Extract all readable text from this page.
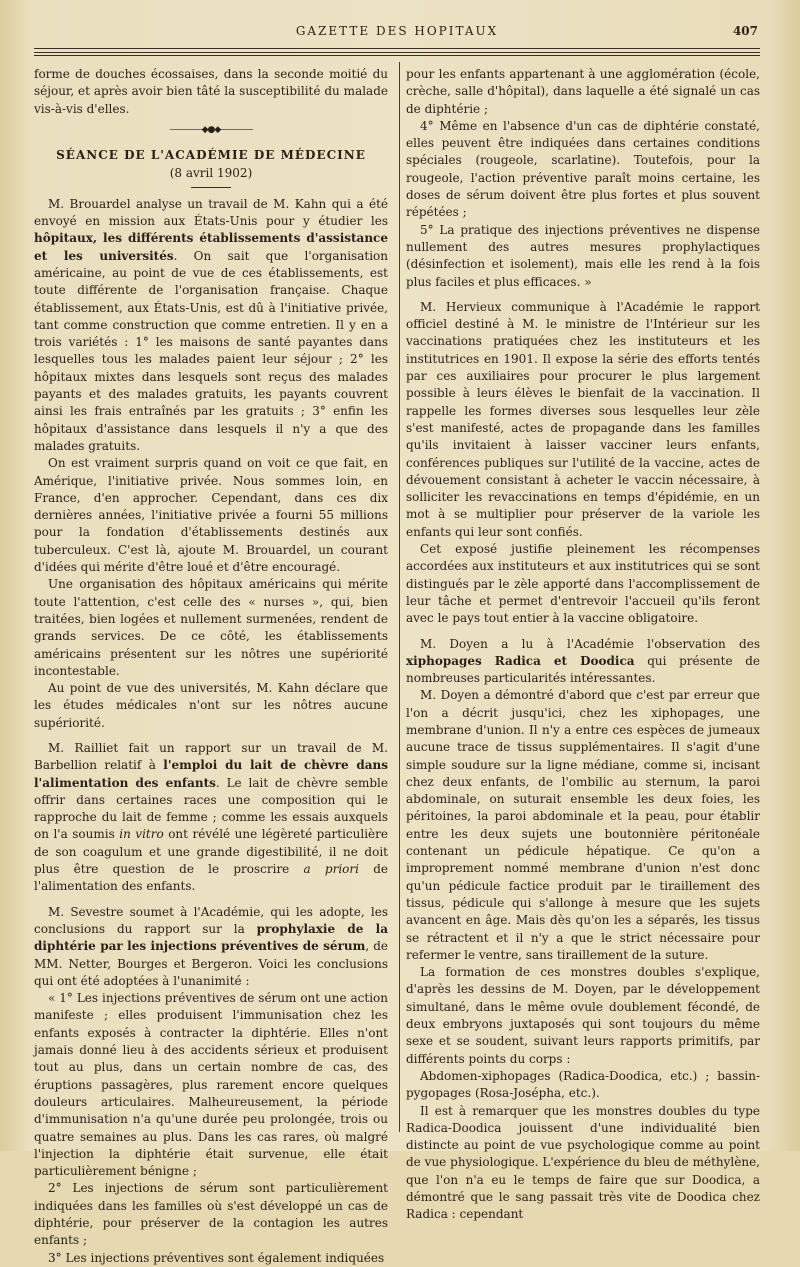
GAZETTE DES HOPITAUX	407

forme de douches écossaises, dans la seconde moitié du séjour, et après avoir bien tâté la susceptibilité du malade vis-à-vis d'elles.

————◆●◆————
SÉANCE DE L'ACADÉMIE DE MÉDECINE
(8 avril 1902)

M. Brouardel analyse un travail de M. Kahn qui a été envoyé en mission aux États-Unis pour y étudier les hôpitaux, les différents établissements d'assistance et les universités. On sait que l'organisation américaine, au point de vue de ces établissements, est toute différente de l'organisation française. Chaque établissement, aux États-Unis, est dû à l'initiative privée, tant comme construction que comme entretien. Il y en a trois variétés : 1° les maisons de santé payantes dans lesquelles tous les malades paient leur séjour ; 2° les hôpitaux mixtes dans lesquels sont reçus des malades payants et des malades gratuits, les payants couvrent ainsi les frais entraînés par les gratuits ; 3° enfin les hôpitaux d'assistance dans lesquels il n'y a que des malades gratuits.

On est vraiment surpris quand on voit ce que fait, en Amérique, l'initiative privée. Nous sommes loin, en France, d'en approcher. Cependant, dans ces dix dernières années, l'initiative privée a fourni 55 millions pour la fondation d'établissements destinés aux tuberculeux. C'est là, ajoute M. Brouardel, un courant d'idées qui mérite d'être loué et d'être encouragé.

Une organisation des hôpitaux américains qui mérite toute l'attention, c'est celle des « nurses », qui, bien traitées, bien logées et nullement surmenées, rendent de grands services. De ce côté, les établissements américains présentent sur les nôtres une supériorité incontestable.

Au point de vue des universités, M. Kahn déclare que les études médicales n'ont sur les nôtres aucune supériorité.

M. Railliet fait un rapport sur un travail de M. Barbellion relatif à l'emploi du lait de chèvre dans l'alimentation des enfants. Le lait de chèvre semble offrir dans certaines races une composition qui le rapproche du lait de femme ; comme les essais auxquels on l'a soumis in vitro ont révélé une légèreté particulière de son coagulum et une grande digestibilité, il ne doit plus être question de le proscrire a priori de l'alimentation des enfants.

M. Sevestre soumet à l'Académie, qui les adopte, les conclusions du rapport sur la prophylaxie de la diphtérie par les injections préventives de sérum, de MM. Netter, Bourges et Bergeron. Voici les conclusions qui ont été adoptées à l'unanimité :

« 1° Les injections préventives de sérum ont une action manifeste ; elles produisent l'immunisation chez les enfants exposés à contracter la diphtérie. Elles n'ont jamais donné lieu à des accidents sérieux et produisent tout au plus, dans un certain nombre de cas, des éruptions passagères, plus rarement encore quelques douleurs articulaires. Malheureusement, la période d'immunisation n'a qu'une durée peu prolongée, trois ou quatre semaines au plus. Dans les cas rares, où malgré l'injection la diphtérie était survenue, elle était particulièrement bénigne ;

2° Les injections de sérum sont particulièrement indiquées dans les familles où s'est développé un cas de diphtérie, pour préserver de la contagion les autres enfants ;

3° Les injections préventives sont également indiquées

pour les enfants appartenant à une agglomération (école, crèche, salle d'hôpital), dans laquelle a été signalé un cas de diphtérie ;

4° Même en l'absence d'un cas de diphtérie constaté, elles peuvent être indiquées dans certaines conditions spéciales (rougeole, scarlatine). Toutefois, pour la rougeole, l'action préventive paraît moins certaine, les doses de sérum doivent être plus fortes et plus souvent répétées ;

5° La pratique des injections préventives ne dispense nullement des autres mesures prophylactiques (désinfection et isolement), mais elle les rend à la fois plus faciles et plus efficaces. »

M. Hervieux communique à l'Académie le rapport officiel destiné à M. le ministre de l'Intérieur sur les vaccinations pratiquées chez les instituteurs et les institutrices en 1901. Il expose la série des efforts tentés par ces auxiliaires pour procurer le plus largement possible à leurs élèves le bienfait de la vaccination. Il rappelle les formes diverses sous lesquelles leur zèle s'est manifesté, actes de propagande dans les familles qu'ils invitaient à laisser vacciner leurs enfants, conférences publiques sur l'utilité de la vaccine, actes de dévouement consistant à acheter le vaccin nécessaire, à solliciter les revaccinations en temps d'épidémie, en un mot à se multiplier pour préserver de la variole les enfants qui leur sont confiés.

Cet exposé justifie pleinement les récompenses accordées aux instituteurs et aux institutrices qui se sont distingués par le zèle apporté dans l'accomplissement de leur tâche et permet d'entrevoir l'accueil qu'ils feront avec le pays tout entier à la vaccine obligatoire.

M. Doyen a lu à l'Académie l'observation des xiphopages Radica et Doodica qui présente de nombreuses particularités intéressantes.

M. Doyen a démontré d'abord que c'est par erreur que l'on a décrit jusqu'ici, chez les xiphopages, une membrane d'union. Il n'y a entre ces espèces de jumeaux aucune trace de tissus supplémentaires. Il s'agit d'une simple soudure sur la ligne médiane, comme si, incisant chez deux enfants, de l'ombilic au sternum, la paroi abdominale, on suturait ensemble les deux foies, les péritoines, la paroi abdominale et la peau, pour établir entre les deux sujets une boutonnière péritonéale contenant un pédicule hépatique. Ce qu'on a improprement nommé membrane d'union n'est donc qu'un pédicule factice produit par le tiraillement des tissus, pédicule qui s'allonge à mesure que les sujets avancent en âge. Mais dès qu'on les a séparés, les tissus se rétractent et il n'y a que le strict nécessaire pour refermer le ventre, sans tiraillement de la suture.

La formation de ces monstres doubles s'explique, d'après les dessins de M. Doyen, par le développement simultané, dans le même ovule doublement fécondé, de deux embryons juxtaposés qui sont toujours du même sexe et se soudent, suivant leurs rapports primitifs, par différents points du corps :

Abdomen-xiphopages (Radica-Doodica, etc.) ; bassin-pygopages (Rosa-Josépha, etc.).

Il est à remarquer que les monstres doubles du type Radica-Doodica jouissent d'une individualité bien distincte au point de vue psychologique comme au point de vue physiologique. L'expérience du bleu de méthylène, que l'on n'a eu le temps de faire que sur Doodica, a démontré que le sang passait très vite de Doodica chez Radica : cependant
